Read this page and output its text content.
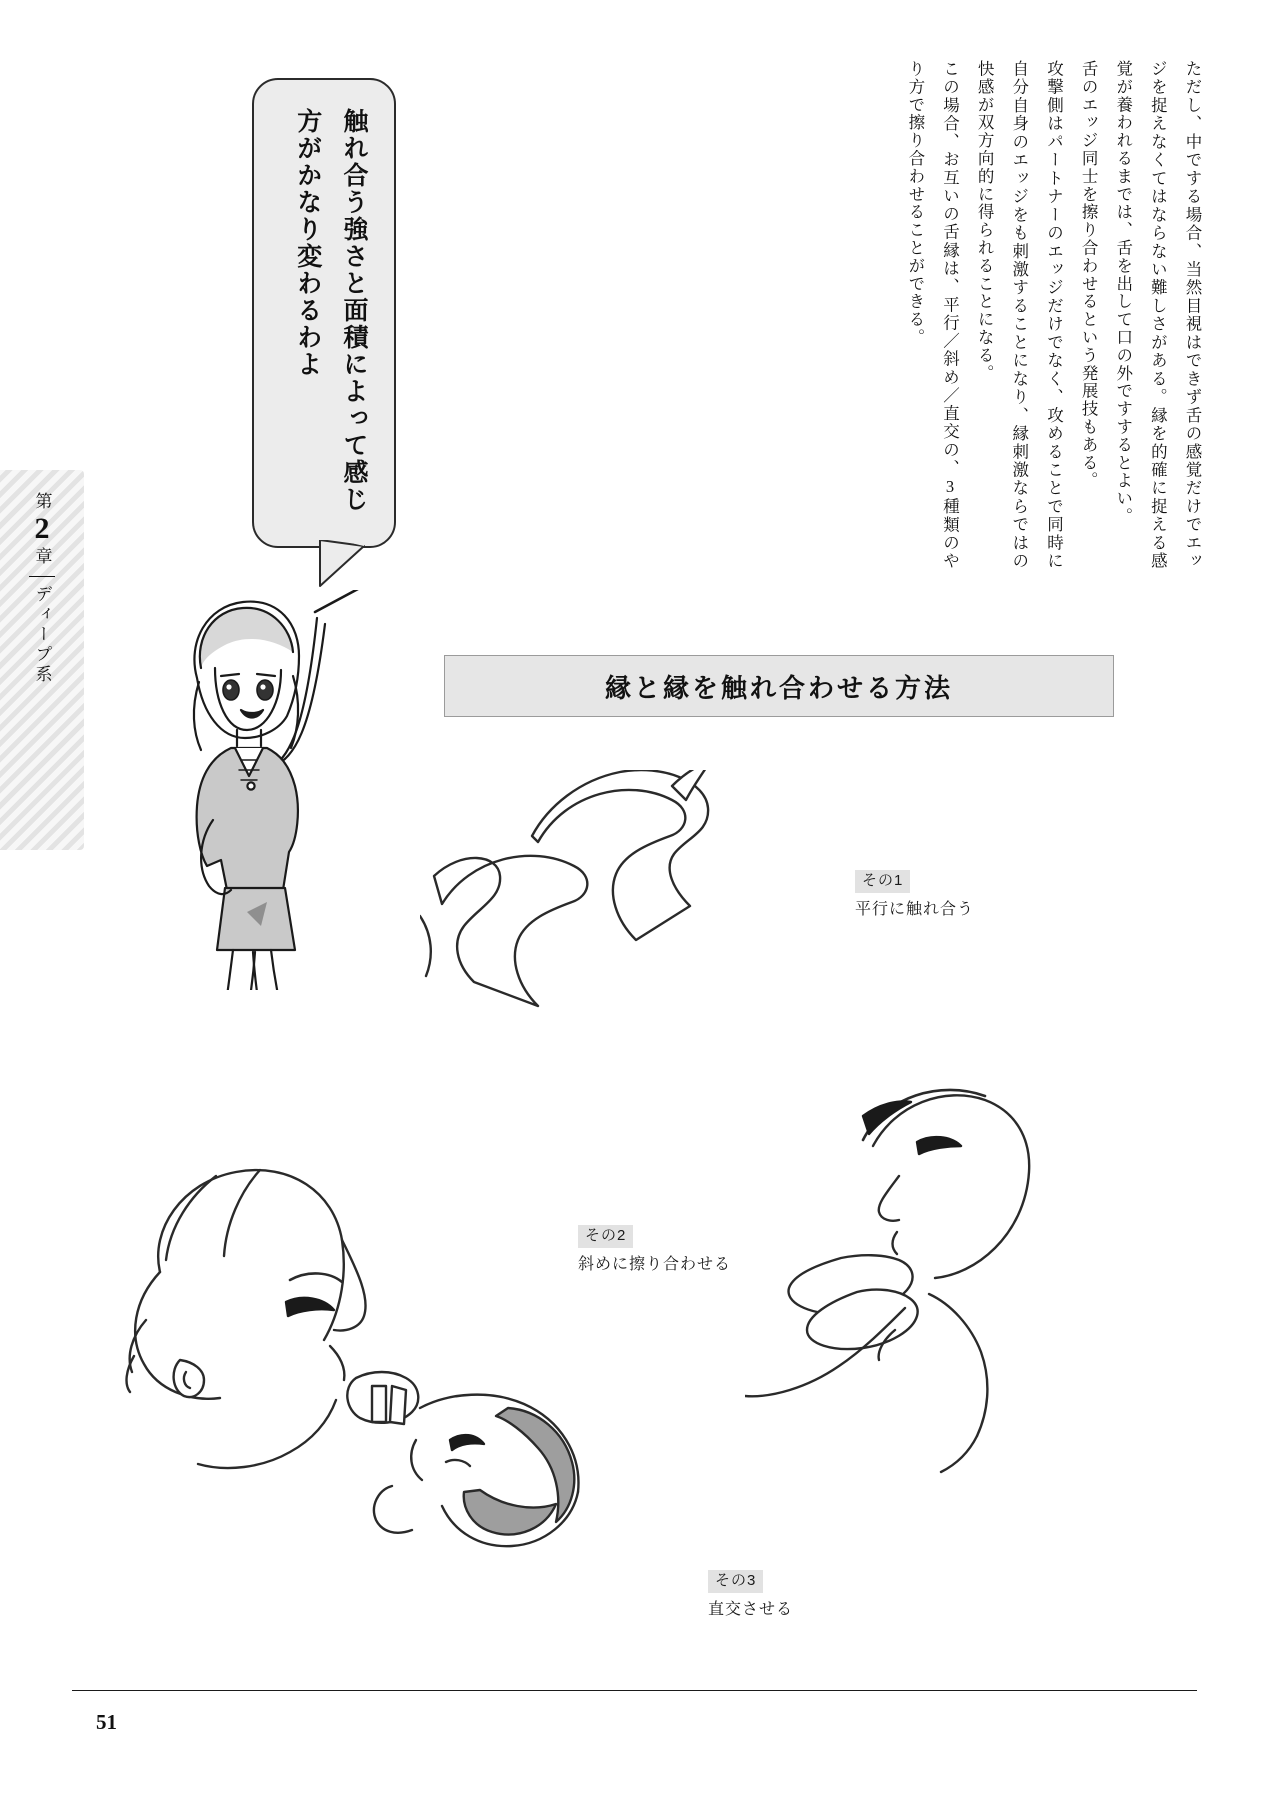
第
2
章
ディープ系

ただし、中でする場合、当然目視はできず舌の感覚だけでエッジを捉えなくてはならない難しさがある。縁を的確に捉える感覚が養われるまでは、舌を出して口の外ですするとよい。

舌のエッジ同士を擦り合わせるという発展技もある。

攻撃側はパートナーのエッジだけでなく、攻めることで同時に自分自身のエッジをも刺激することになり、縁刺激ならではの快感が双方向的に得られることになる。

この場合、お互いの舌縁は、平行／斜め／直交の、3種類のやり方で擦り合わせることができる。

触れ合う強さと面積によって感じ方がかなり変わるわよ
縁と縁を触れ合わせる方法
その1
平行に触れ合う
その2
斜めに擦り合わせる
その3
直交させる
51
